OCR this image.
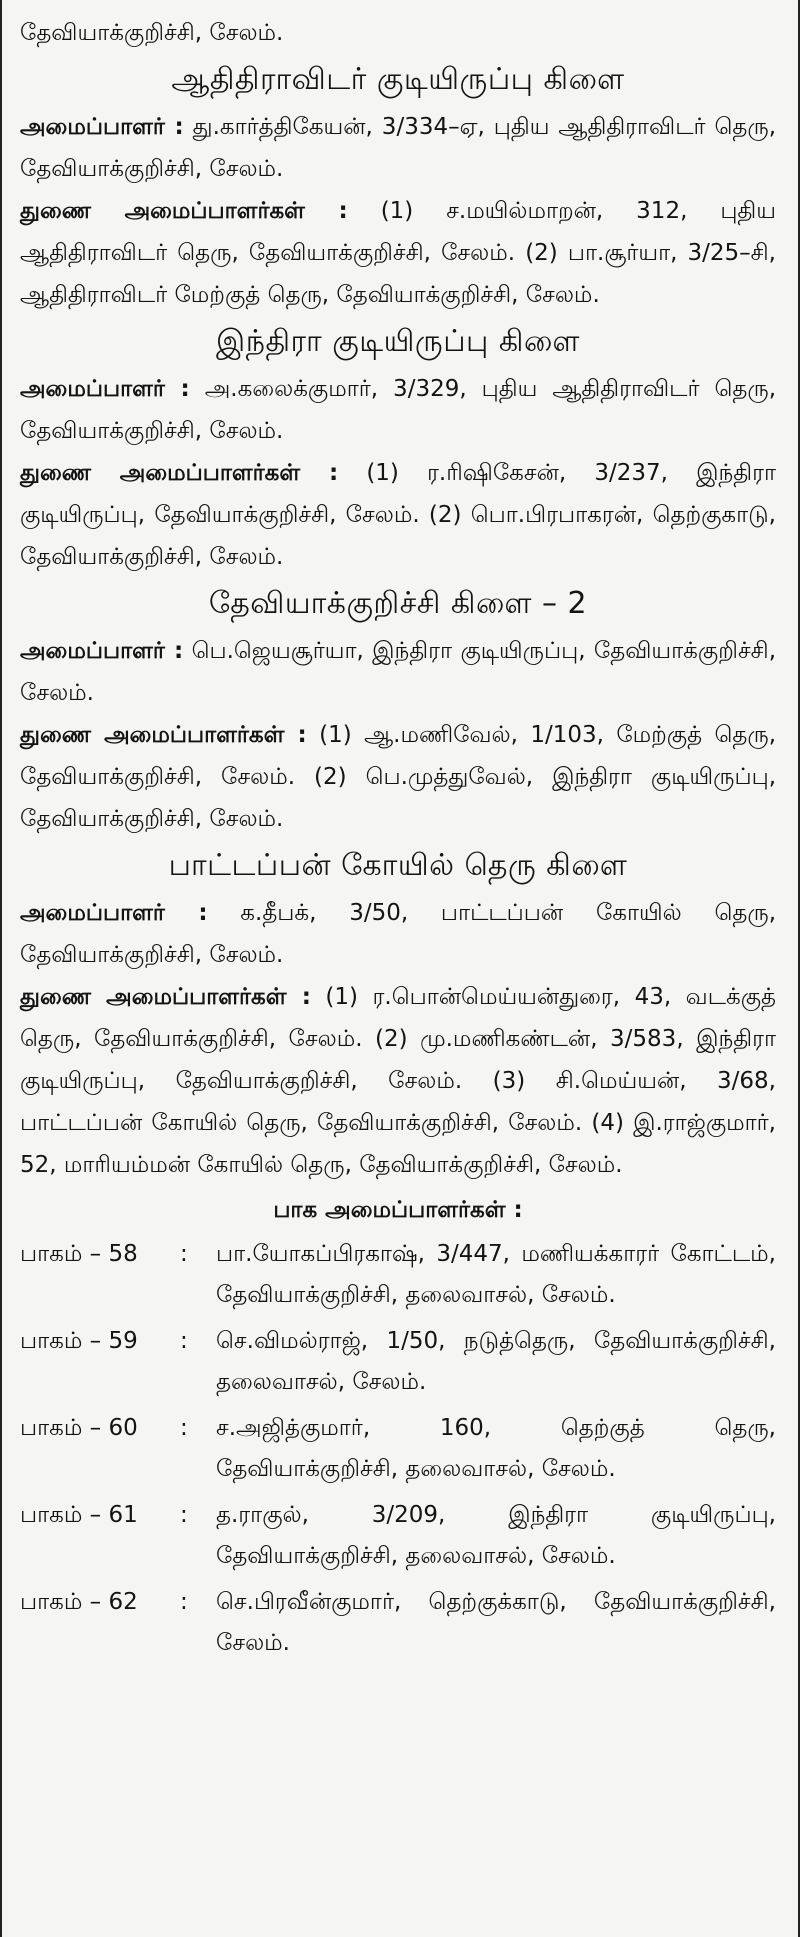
தேவியாக்குறிச்சி, சேலம்.

ஆதிதிராவிடர் குடியிருப்பு கிளை

அமைப்பாளர் : து.கார்த்திகேயன், 3/334–ஏ, புதிய ஆதிதிராவிடர் தெரு, தேவியாக்குறிச்சி, சேலம்.

துணை அமைப்பாளர்கள் : (1) ச.மயில்மாறன், 312, புதிய ஆதிதிராவிடர் தெரு, தேவியாக்குறிச்சி, சேலம். (2) பா.சூர்யா, 3/25–சி, ஆதிதிராவிடர் மேற்குத் தெரு, தேவியாக்குறிச்சி, சேலம்.

இந்திரா குடியிருப்பு கிளை

அமைப்பாளர் : அ.கலைக்குமார், 3/329, புதிய ஆதிதிராவிடர் தெரு, தேவியாக்குறிச்சி, சேலம்.

துணை அமைப்பாளர்கள் : (1) ர.ரிஷிகேசன், 3/237, இந்திரா குடியிருப்பு, தேவியாக்குறிச்சி, சேலம். (2) பொ.பிரபாகரன், தெற்குகாடு, தேவியாக்குறிச்சி, சேலம்.

தேவியாக்குறிச்சி கிளை – 2

அமைப்பாளர் : பெ.ஜெயசூர்யா, இந்திரா குடியிருப்பு, தேவியாக்குறிச்சி, சேலம்.

துணை அமைப்பாளர்கள் : (1) ஆ.மணிவேல், 1/103, மேற்குத் தெரு, தேவியாக்குறிச்சி, சேலம். (2) பெ.முத்துவேல், இந்திரா குடியிருப்பு, தேவியாக்குறிச்சி, சேலம்.

பாட்டப்பன் கோயில் தெரு கிளை

அமைப்பாளர் : க.தீபக், 3/50, பாட்டப்பன் கோயில் தெரு, தேவியாக்குறிச்சி, சேலம்.

துணை அமைப்பாளர்கள் : (1) ர.பொன்மெய்யன்துரை, 43, வடக்குத் தெரு, தேவியாக்குறிச்சி, சேலம். (2) மு.மணிகண்டன், 3/583, இந்திரா குடியிருப்பு, தேவியாக்குறிச்சி, சேலம். (3) சி.மெய்யன், 3/68, பாட்டப்பன் கோயில் தெரு, தேவியாக்குறிச்சி, சேலம். (4) இ.ராஜ்குமார், 52, மாரியம்மன் கோயில் தெரு, தேவியாக்குறிச்சி, சேலம்.

பாக அமைப்பாளர்கள் :
பாகம் – 58	:	பா.யோகப்பிரகாஷ், 3/447, மணியக்காரர் கோட்டம், தேவியாக்குறிச்சி, தலைவாசல், சேலம்.
பாகம் – 59	:	செ.விமல்ராஜ், 1/50, நடுத்தெரு, தேவியாக்குறிச்சி, தலைவாசல், சேலம்.
பாகம் – 60	:	ச.அஜித்குமார், 160, தெற்குத் தெரு, தேவியாக்குறிச்சி, தலைவாசல், சேலம்.
பாகம் – 61	:	த.ராகுல், 3/209, இந்திரா குடியிருப்பு, தேவியாக்குறிச்சி, தலைவாசல், சேலம்.
பாகம் – 62	:	செ.பிரவீன்குமார், தெற்குக்காடு, தேவியாக்குறிச்சி, சேலம்.
